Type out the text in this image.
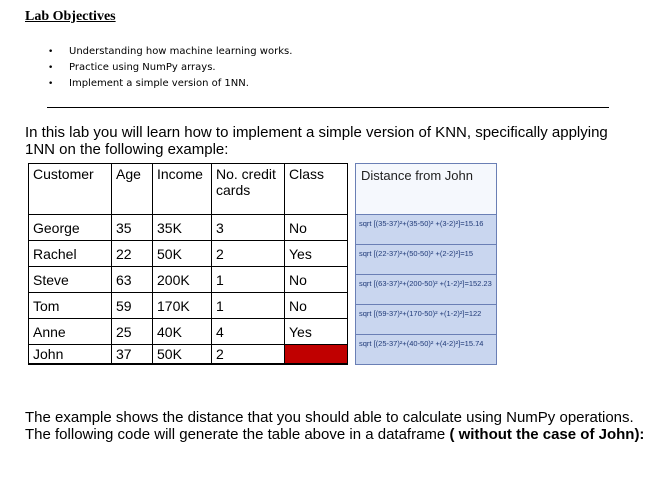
Lab Objectives
• Understanding how machine learning works.
• Practice using NumPy arrays.
• Implement a simple version of 1NN.
In this lab you will learn how to implement a simple version of KNN, specifically applying 1NN on the following example:
Customer	Age	Income	No. credit cards	Class
George	35	35K	3	No
Rachel	22	50K	2	Yes
Steve	63	200K	1	No
Tom	59	170K	1	No
Anne	25	40K	4	Yes
John	37	50K	2	
Distance from John
sqrt [(35-37)²+(35-50)² +(3-2)²]=15.16
sqrt [(22-37)²+(50-50)² +(2-2)²]=15
sqrt [(63-37)²+(200-50)² +(1-2)²]=152.23
sqrt [(59-37)²+(170-50)² +(1-2)²]=122
sqrt [(25-37)²+(40-50)² +(4-2)²]=15.74
The example shows the distance that you should able to calculate using NumPy operations.
The following code will generate the table above in a dataframe ( without the case of John):
